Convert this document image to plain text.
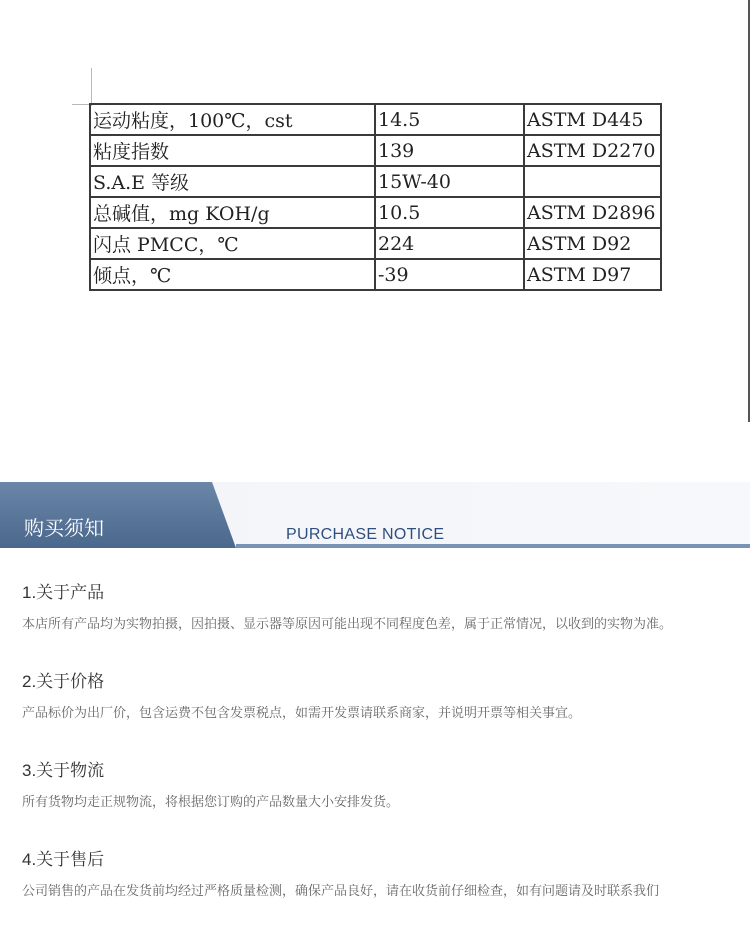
运动粘度，100℃，cst	14.5	ASTM D445
粘度指数	139	ASTM D2270
S.A.E 等级	15W-40	
总碱值，mg KOH/g	10.5	ASTM D2896
闪点 PMCC，℃	224	ASTM D92
倾点，℃	-39	ASTM D97
购买须知	PURCHASE NOTICE
1.关于产品

本店所有产品均为实物拍摄，因拍摄、显示器等原因可能出现不同程度色差，属于正常情况，以收到的实物为准。

2.关于价格

产品标价为出厂价，包含运费不包含发票税点，如需开发票请联系商家，并说明开票等相关事宜。

3.关于物流

所有货物均走正规物流，将根据您订购的产品数量大小安排发货。

4.关于售后

公司销售的产品在发货前均经过严格质量检测，确保产品良好，请在收货前仔细检查，如有问题请及时联系我们
